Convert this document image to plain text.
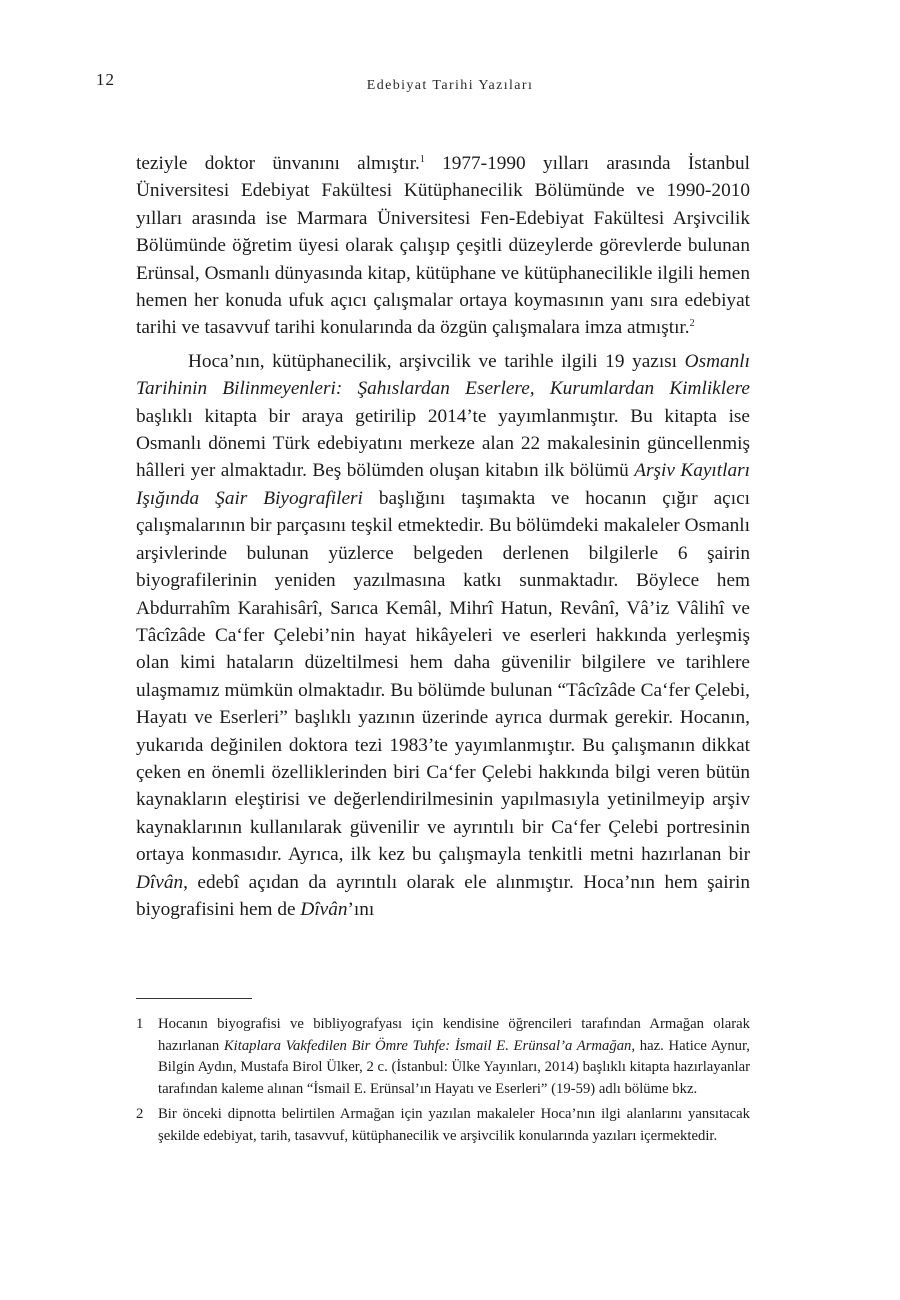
12	Edebiyat Tarihi Yazıları

teziyle doktor ünvanını almıştır.$^1$ 1977-1990 yılları arasında İstanbul Üniversitesi Edebiyat Fakültesi Kütüphanecilik Bölümünde ve 1990-2010 yılları arasında ise Marmara Üniversitesi Fen-Edebiyat Fakültesi Arşivcilik Bölümünde öğretim üyesi olarak çalışıp çeşitli düzeylerde görevlerde bulunan Erünsal, Osmanlı dünyasında kitap, kütüphane ve kütüphanecilikle ilgili hemen hemen her konuda ufuk açıcı çalışmalar ortaya koymasının yanı sıra edebiyat tarihi ve tasavvuf tarihi konularında da özgün çalışmalara imza atmıştır.$^2$

Hoca’nın, kütüphanecilik, arşivcilik ve tarihle ilgili 19 yazısı Osmanlı Tarihinin Bilinmeyenleri: Şahıslardan Eserlere, Kurumlardan Kimliklere başlıklı kitapta bir araya getirilip 2014’te yayımlanmıştır. Bu kitapta ise Osmanlı dönemi Türk edebiyatını merkeze alan 22 makalesinin güncellenmiş hâlleri yer almaktadır. Beş bölümden oluşan kitabın ilk bölümü Arşiv Kayıtları Işığında Şair Biyografileri başlığını taşımakta ve hocanın çığır açıcı çalışmalarının bir parçasını teşkil etmektedir. Bu bölümdeki makaleler Osmanlı arşivlerinde bulunan yüzlerce belgeden derlenen bilgilerle 6 şairin biyografilerinin yeniden yazılmasına katkı sunmaktadır. Böylece hem Abdurrahîm Karahisârî, Sarıca Kemâl, Mihrî Hatun, Revânî, Vâ’iz Vâlihî ve Tâcîzâde Ca‘fer Çelebi’nin hayat hikâyeleri ve eserleri hakkında yerleşmiş olan kimi hataların düzeltilmesi hem daha güvenilir bilgilere ve tarihlere ulaşmamız mümkün olmaktadır. Bu bölümde bulunan “Tâcîzâde Ca‘fer Çelebi, Hayatı ve Eserleri” başlıklı yazının üzerinde ayrıca durmak gerekir. Hocanın, yukarıda değinilen doktora tezi 1983’te yayımlanmıştır. Bu çalışmanın dikkat çeken en önemli özelliklerinden biri Ca‘fer Çelebi hakkında bilgi veren bütün kaynakların eleştirisi ve değerlendirilmesinin yapılmasıyla yetinilmeyip arşiv kaynaklarının kullanılarak güvenilir ve ayrıntılı bir Ca‘fer Çelebi portresinin ortaya konmasıdır. Ayrıca, ilk kez bu çalışmayla tenkitli metni hazırlanan bir Dîvân, edebî açıdan da ayrıntılı olarak ele alınmıştır. Hoca’nın hem şairin biyografisini hem de Dîvân’ını

1 Hocanın biyografisi ve bibliyografyası için kendisine öğrencileri tarafından Armağan olarak hazırlanan Kitaplara Vakfedilen Bir Ömre Tuhfe: İsmail E. Erünsal’a Armağan, haz. Hatice Aynur, Bilgin Aydın, Mustafa Birol Ülker, 2 c. (İstanbul: Ülke Yayınları, 2014) başlıklı kitapta hazırlayanlar tarafından kaleme alınan “İsmail E. Erünsal’ın Hayatı ve Eserleri” (19-59) adlı bölüme bkz.
2 Bir önceki dipnotta belirtilen Armağan için yazılan makaleler Hoca’nın ilgi alanlarını yansıtacak şekilde edebiyat, tarih, tasavvuf, kütüphanecilik ve arşivcilik konularında yazıları içermektedir.
